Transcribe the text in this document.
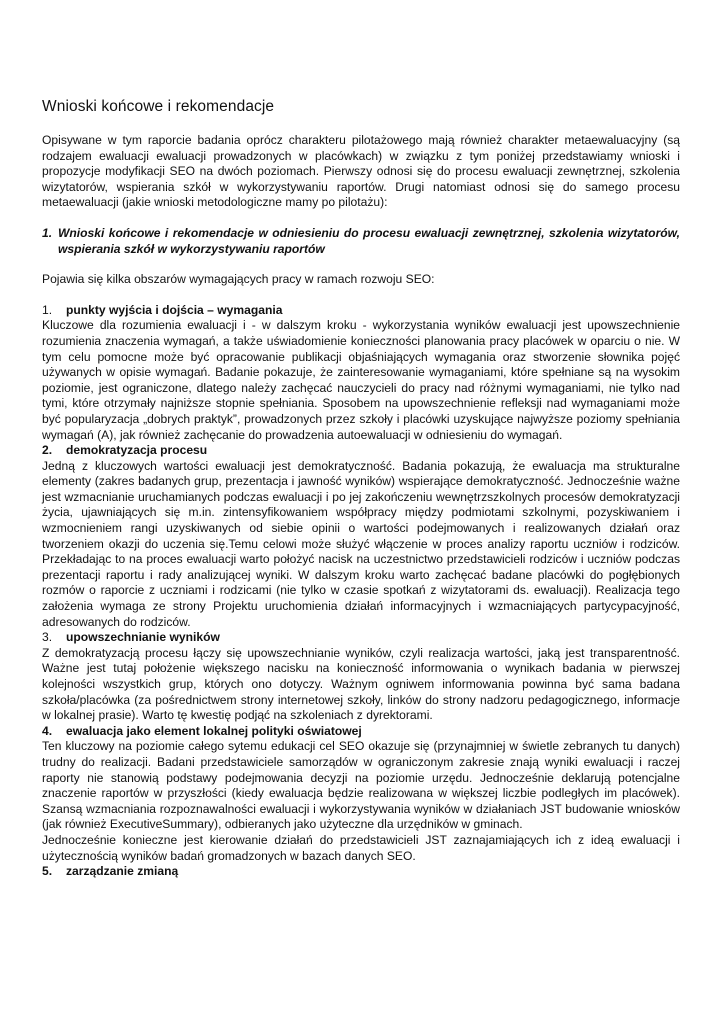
Wnioski końcowe i rekomendacje

Opisywane w tym raporcie badania oprócz charakteru pilotażowego mają również charakter metaewaluacyjny (są rodzajem ewaluacji ewaluacji prowadzonych w placówkach) w związku z tym poniżej przedstawiamy wnioski i propozycje modyfikacji SEO na dwóch poziomach. Pierwszy odnosi się do procesu ewaluacji zewnętrznej, szkolenia wizytatorów, wspierania szkół w wykorzystywaniu raportów. Drugi natomiast odnosi się do samego procesu metaewaluacji (jakie wnioski metodologiczne mamy po pilotażu):

1. Wnioski końcowe i rekomendacje w odniesieniu do procesu ewaluacji zewnętrznej, szkolenia wizytatorów, wspierania szkół w wykorzystywaniu raportów

Pojawia się kilka obszarów wymagających pracy w ramach rozwoju SEO:

1.	punkty wyjścia i dojścia – wymagania

Kluczowe dla rozumienia ewaluacji i - w dalszym kroku - wykorzystania wyników ewaluacji jest upowszechnienie rozumienia znaczenia wymagań, a także uświadomienie konieczności planowania pracy placówek w oparciu o nie. W tym celu pomocne może być opracowanie publikacji objaśniających wymagania oraz stworzenie słownika pojęć używanych w opisie wymagań. Badanie pokazuje, że zainteresowanie wymaganiami, które spełniane są na wysokim poziomie, jest ograniczone, dlatego należy zachęcać nauczycieli do pracy nad różnymi wymaganiami, nie tylko nad tymi, które otrzymały najniższe stopnie spełniania. Sposobem na upowszechnienie refleksji nad wymaganiami może być popularyzacja „dobrych praktyk”, prowadzonych przez szkoły i placówki uzyskujące najwyższe poziomy spełniania wymagań (A), jak również zachęcanie do prowadzenia autoewaluacji w odniesieniu do wymagań.

2.	demokratyzacja procesu

Jedną z kluczowych wartości ewaluacji jest demokratyczność. Badania pokazują, że ewaluacja ma strukturalne elementy (zakres badanych grup, prezentacja i jawność wyników) wspierające demokratyczność. Jednocześnie ważne jest wzmacnianie uruchamianych podczas ewaluacji i po jej zakończeniu wewnętrzszkolnych procesów demokratyzacji życia, ujawniających się m.in. zintensyfikowaniem współpracy między podmiotami szkolnymi, pozyskiwaniem i wzmocnieniem rangi uzyskiwanych od siebie opinii o wartości podejmowanych i realizowanych działań oraz tworzeniem okazji do uczenia się.Temu celowi może służyć włączenie w proces analizy raportu uczniów i rodziców. Przekładając to na proces ewaluacji warto położyć nacisk na uczestnictwo przedstawicieli rodziców i uczniów podczas prezentacji raportu i rady analizującej wyniki. W dalszym kroku warto zachęcać badane placówki do pogłębionych rozmów o raporcie z uczniami i rodzicami (nie tylko w czasie spotkań z wizytatorami ds. ewaluacji). Realizacja tego założenia wymaga ze strony Projektu uruchomienia działań informacyjnych i wzmacniających partycypacyjność, adresowanych do rodziców.

3.	upowszechnianie wyników

Z demokratyzacją procesu łączy się upowszechnianie wyników, czyli realizacja wartości, jaką jest transparentność. Ważne jest tutaj położenie większego nacisku na konieczność informowania o wynikach badania w pierwszej kolejności wszystkich grup, których ono dotyczy. Ważnym ogniwem informowania powinna być sama badana szkoła/placówka (za pośrednictwem strony internetowej szkoły, linków do strony nadzoru pedagogicznego, informacje w lokalnej prasie). Warto tę kwestię podjąć na szkoleniach z dyrektorami.

4.	ewaluacja jako element lokalnej polityki oświatowej

Ten kluczowy na poziomie całego sytemu edukacji cel SEO okazuje się (przynajmniej w świetle zebranych tu danych) trudny do realizacji. Badani przedstawiciele samorządów w ograniczonym zakresie znają wyniki ewaluacji i raczej raporty nie stanowią podstawy podejmowania decyzji na poziomie urzędu. Jednocześnie deklarują potencjalne znaczenie raportów w przyszłości (kiedy ewaluacja będzie realizowana w większej liczbie podległych im placówek). Szansą wzmacniania rozpoznawalności ewaluacji i wykorzystywania wyników w działaniach JST budowanie wniosków (jak również ExecutiveSummary), odbieranych jako użyteczne dla urzędników w gminach.

Jednocześnie konieczne jest kierowanie działań do przedstawicieli JST zaznajamiających ich z ideą ewaluacji i użytecznością wyników badań gromadzonych w bazach danych SEO.

5.	zarządzanie zmianą
